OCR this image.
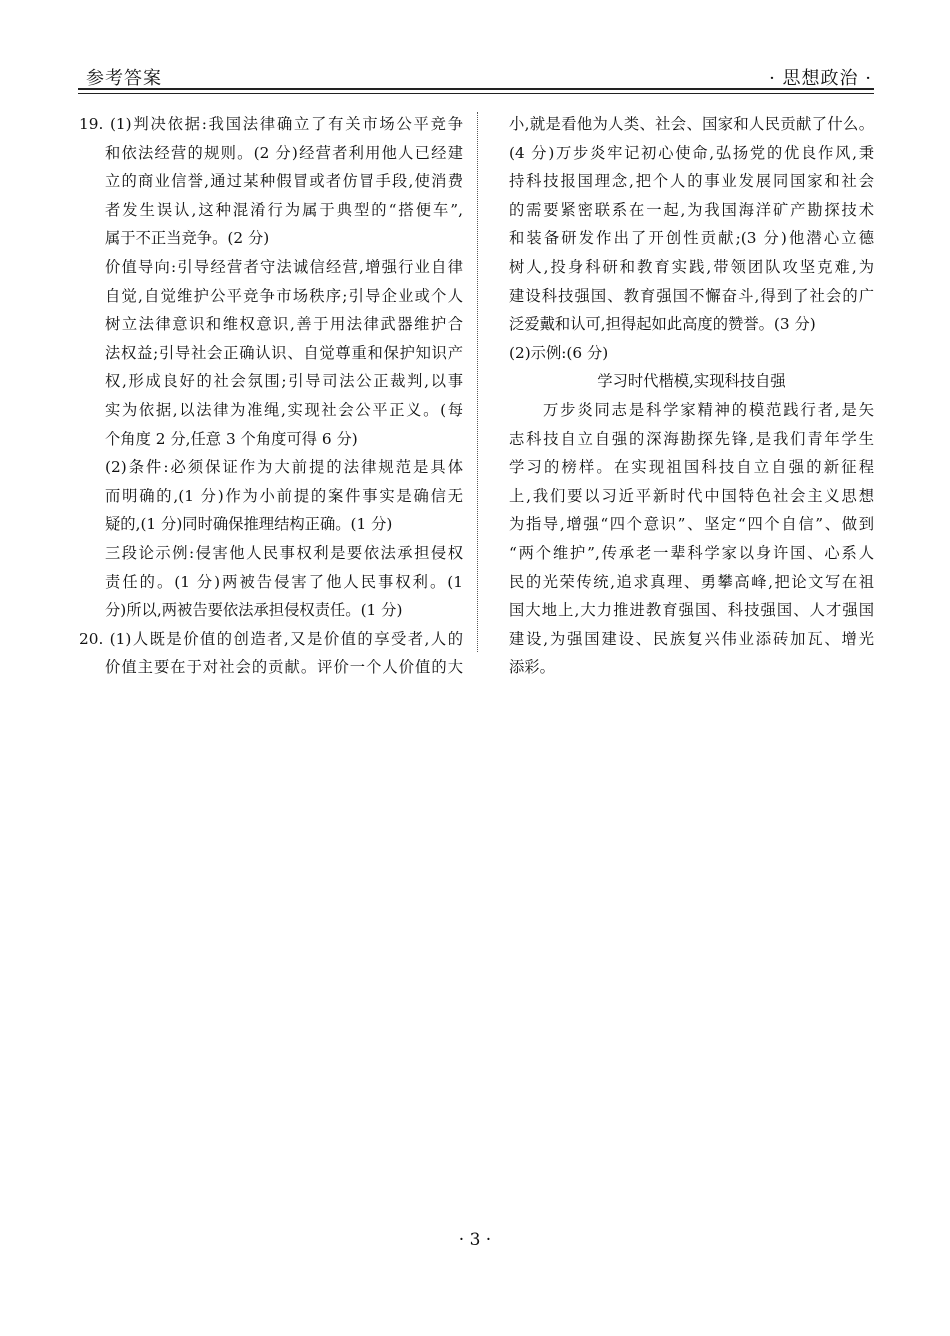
参考答案	· 思想政治 ·
19. (1)判决依据:我国法律确立了有关市场公平竞争
和依法经营的规则。(2 分)经营者利用他人已经建
立的商业信誉,通过某种假冒或者仿冒手段,使消费
者发生误认,这种混淆行为属于典型的“搭便车”,
属于不正当竞争。(2 分)
价值导向:引导经营者守法诚信经营,增强行业自律
自觉,自觉维护公平竞争市场秩序;引导企业或个人
树立法律意识和维权意识,善于用法律武器维护合
法权益;引导社会正确认识、自觉尊重和保护知识产
权,形成良好的社会氛围;引导司法公正裁判,以事
实为依据,以法律为准绳,实现社会公平正义。(每
个角度 2 分,任意 3 个角度可得 6 分)
(2)条件:必须保证作为大前提的法律规范是具体
而明确的,(1 分)作为小前提的案件事实是确信无
疑的,(1 分)同时确保推理结构正确。(1 分)
三段论示例:侵害他人民事权利是要依法承担侵权
责任的。(1 分)两被告侵害了他人民事权利。(1
分)所以,两被告要依法承担侵权责任。(1 分)
20. (1)人既是价值的创造者,又是价值的享受者,人的
价值主要在于对社会的贡献。评价一个人价值的大
小,就是看他为人类、社会、国家和人民贡献了什么。
(4 分)万步炎牢记初心使命,弘扬党的优良作风,秉
持科技报国理念,把个人的事业发展同国家和社会
的需要紧密联系在一起,为我国海洋矿产勘探技术
和装备研发作出了开创性贡献;(3 分)他潜心立德
树人,投身科研和教育实践,带领团队攻坚克难,为
建设科技强国、教育强国不懈奋斗,得到了社会的广
泛爱戴和认可,担得起如此高度的赞誉。(3 分)
(2)示例:(6 分)
学习时代楷模,实现科技自强
万步炎同志是科学家精神的模范践行者,是矢
志科技自立自强的深海勘探先锋,是我们青年学生
学习的榜样。在实现祖国科技自立自强的新征程
上,我们要以习近平新时代中国特色社会主义思想
为指导,增强“四个意识”、坚定“四个自信”、做到
“两个维护”,传承老一辈科学家以身许国、心系人
民的光荣传统,追求真理、勇攀高峰,把论文写在祖
国大地上,大力推进教育强国、科技强国、人才强国
建设,为强国建设、民族复兴伟业添砖加瓦、增光
添彩。
· 3 ·
